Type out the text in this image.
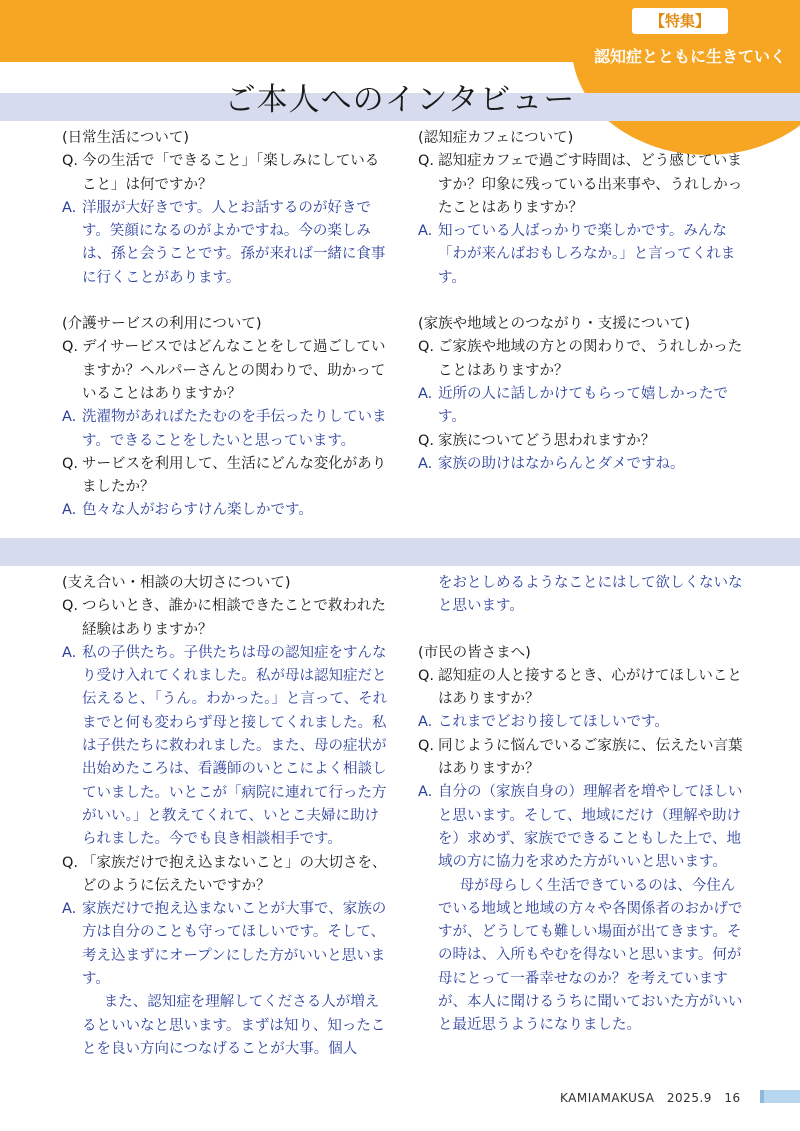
【特集】
認知症とともに生きていく
ご本人へのインタビュー
(日常生活について)
Q. 今の生活で「できること」「楽しみにしていること」は何ですか？
A. 洋服が大好きです。人とお話するのが好きです。笑顔になるのがよかですね。今の楽しみは、孫と会うことです。孫が来れば一緒に食事に行くことがあります。
(介護サービスの利用について)
Q. デイサービスではどんなことをして過ごしていますか？ヘルパーさんとの関わりで、助かっていることはありますか？
A. 洗濯物があればたたむのを手伝ったりしています。できることをしたいと思っています。
Q. サービスを利用して、生活にどんな変化がありましたか？
A. 色々な人がおらすけん楽しかです。
(認知症カフェについて)
Q. 認知症カフェで過ごす時間は、どう感じていますか？印象に残っている出来事や、うれしかったことはありますか？
A. 知っている人ばっかりで楽しかです。みんな「わが来んばおもしろなか。」と言ってくれます。
(家族や地域とのつながり・支援について)
Q. ご家族や地域の方との関わりで、うれしかったことはありますか？
A. 近所の人に話しかけてもらって嬉しかったです。
Q. 家族についてどう思われますか？
A. 家族の助けはなからんとダメですね。
(支え合い・相談の大切さについて)
Q. つらいとき、誰かに相談できたことで救われた経験はありますか？
A. 私の子供たち。子供たちは母の認知症をすんなり受け入れてくれました。私が母は認知症だと伝えると、「うん。わかった。」と言って、それまでと何も変わらず母と接してくれました。私は子供たちに救われました。また、母の症状が出始めたころは、看護師のいとこによく相談していました。いとこが「病院に連れて行った方がいい。」と教えてくれて、いとこ夫婦に助けられました。今でも良き相談相手です。
Q. 「家族だけで抱え込まないこと」の大切さを、どのように伝えたいですか？
A. 家族だけで抱え込まないことが大事で、家族の方は自分のことも守ってほしいです。そして、考え込まずにオープンにした方がいいと思います。
また、認知症を理解してくださる人が増えるといいなと思います。まずは知り、知ったことを良い方向につなげることが大事。個人
をおとしめるようなことにはして欲しくないなと思います。
(市民の皆さまへ)
Q. 認知症の人と接するとき、心がけてほしいことはありますか？
A. これまでどおり接してほしいです。
Q. 同じように悩んでいるご家族に、伝えたい言葉はありますか？
A. 自分の（家族自身の）理解者を増やしてほしいと思います。そして、地域にだけ（理解や助けを）求めず、家族でできることもした上で、地域の方に協力を求めた方がいいと思います。
母が母らしく生活できているのは、今住んでいる地域と地域の方々や各関係者のおかげですが、どうしても難しい場面が出てきます。その時は、入所もやむを得ないと思います。何が母にとって一番幸せなのか？を考えていますが、本人に聞けるうちに聞いておいた方がいいと最近思うようになりました。
KAMIAMAKUSA　2025.9　16
